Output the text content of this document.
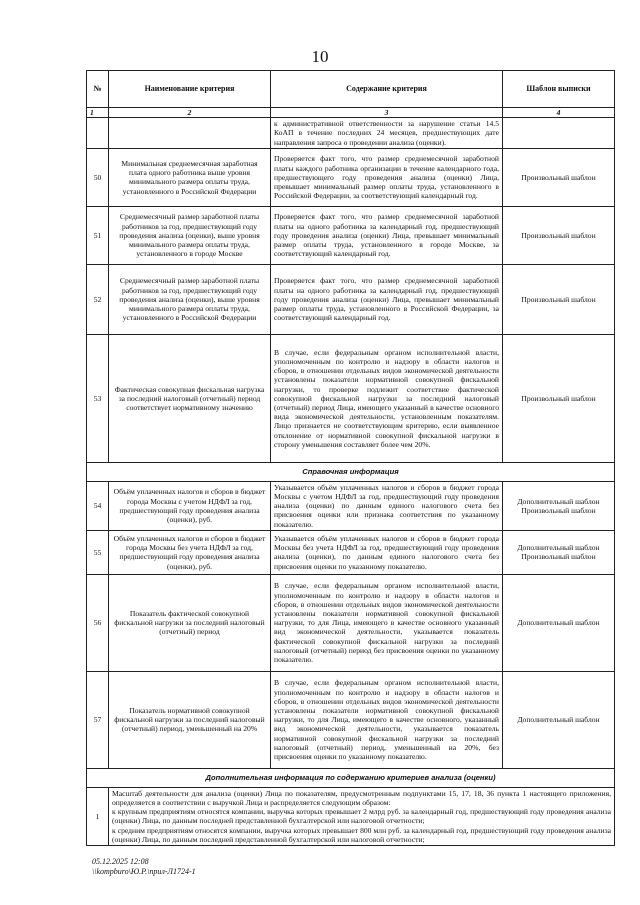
10
№	Наименование критерия	Содержание критерия	Шаблон выписки
1	2	3	4
		к административной ответственности за нарушение статьи 14.5 КоАП в течение последних 24 месяцев, предшествующих дате направления запроса о проведении анализа (оценки).	
50	Минимальная среднемесячная заработная плата одного работника выше уровня минимального размера оплаты труда, установленного в Российской Федерации	Проверяется факт того, что размер среднемесячной заработной платы каждого работника организации в течение календарного года, предшествующего году проведения анализа (оценки) Лица, превышает минимальный размер оплаты труда, установленного в Российской Федерации, за соответствующий календарный год.	Произвольный шаблон
51	Среднемесячный размер заработной платы работников за год, предшествующий году проведения анализа (оценки), выше уровня минимального размера оплаты труда, установленного в городе Москве	Проверяется факт того, что размер среднемесячной заработной платы на одного работника за календарный год, предшествующий году проведения анализа (оценки) Лица, превышает минимальный размер оплаты труда, установленного в городе Москве, за соответствующий календарный год.	Произвольный шаблон
52	Среднемесячный размер заработной платы работников за год, предшествующий году проведения анализа (оценки), выше уровня минимального размера оплаты труда, установленного в Российской Федерации	Проверяется факт того, что размер среднемесячной заработной платы на одного работника за календарный год, предшествующий году проведения анализа (оценки) Лица, превышает минимальный размер оплаты труда, установленного в Российской Федерации, за соответствующий календарный год.	Произвольный шаблон
53	Фактическая совокупная фискальная нагрузка за последний налоговый (отчетный) период соответствует нормативному значению	В случае, если федеральным органом исполнительной власти, уполномоченным по контролю и надзору в области налогов и сборов, в отношении отдельных видов экономической деятельности установлены показатели нормативной совокупной фискальной нагрузки, то проверке подлежит соответствие фактической совокупной фискальной нагрузки за последний налоговый (отчетный) период Лица, имеющего указанный в качестве основного вида экономической деятельности, установленным показателям. Лицо признается не соответствующим критерию, если выявленное отклонение от нормативной совокупной фискальной нагрузки в сторону уменьшения составляет более чем 20%.	Произвольный шаблон
Справочная информация			
54	Объём уплаченных налогов и сборов в бюджет города Москвы с учетом НДФЛ за год, предшествующий году проведения анализа (оценки), руб.	Указывается объём уплаченных налогов и сборов в бюджет города Москвы с учетом НДФЛ за год, предшествующий году проведения анализа (оценки) по данным единого налогового счета без присвоения оценки или признака соответствия по указанному показателю.	Дополнительный шаблон Произвольный шаблон
55	Объём уплаченных налогов и сборов в бюджет города Москвы без учета НДФЛ за год, предшествующий году проведения анализа (оценки), руб.	Указывается объём уплаченных налогов и сборов в бюджет города Москвы без учета НДФЛ за год, предшествующий году проведения анализа (оценки), по данным единого налогового счета без присвоения оценки по указанному показателю.	Дополнительный шаблон Произвольный шаблон
56	Показатель фактической совокупной фискальной нагрузки за последний налоговый (отчетный) период	В случае, если федеральным органом исполнительной власти, уполномоченным по контролю и надзору в области налогов и сборов, в отношении отдельных видов экономической деятельности установлены показатели нормативной совокупной фискальной нагрузки, то для Лица, имеющего в качестве основного указанный вид экономической деятельности, указывается показатель фактической совокупной фискальной нагрузки за последний налоговый (отчетный) период без присвоения оценки по указанному показателю.	Дополнительный шаблон
57	Показатель нормативной совокупной фискальной нагрузки за последний налоговый (отчетный) период, уменьшенный на 20%	В случае, если федеральным органом исполнительной власти, уполномоченным по контролю и надзору в области налогов и сборов, в отношении отдельных видов экономической деятельности установлены показатели нормативной совокупной фискальной нагрузки, то для Лица, имеющего в качестве основного, указанный вид экономической деятельности, указывается показатель нормативной совокупной фискальной нагрузки за последний налоговый (отчетный) период, уменьшенный на 20%, без присвоения оценки по указанному показателю.	Дополнительный шаблон
Дополнительная информация по содержанию критериев анализа (оценки)			
1	Масштаб деятельности для анализа (оценки) Лица по показателям, предусмотренным подпунктами 15, 17, 18, 36 пункта 1 настоящего приложения, определяется в соответствии с выручкой Лица и распределяется следующим образом:
к крупным предприятиям относятся компании, выручка которых превышает 2 млрд руб. за календарный год, предшествующий году проведения анализа (оценки) Лица, по данным последней представленной бухгалтерской или налоговой отчетности;
к средним предприятиям относятся компании, выручка которых превышает 800 млн руб. за календарный год, предшествующий году проведения анализа (оценки) Лица, по данным последней представленной бухгалтерской или налоговой отчетности;		
05.12.2025 12:08
\\kompburo\Ю.Р.\прил-Л1724-1
